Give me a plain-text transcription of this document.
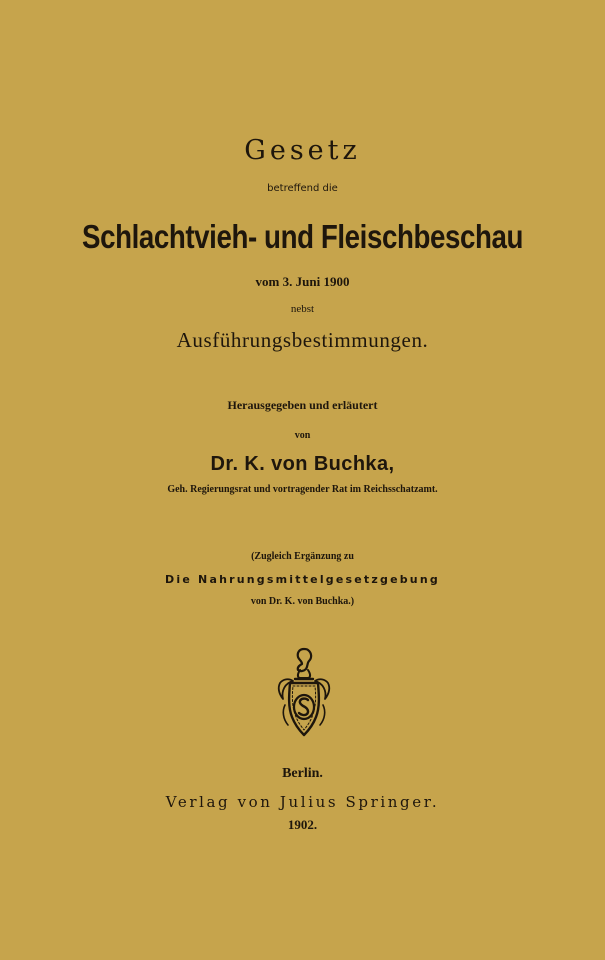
Gesetz
betreffend die
Schlachtvieh- und Fleischbeschau
vom 3. Juni 1900
nebst
Ausführungsbestimmungen.
Herausgegeben und erläutert
von
Dr. K. von Buchka,
Geh. Regierungsrat und vortragender Rat im Reichsschatzamt.
(Zugleich Ergänzung zu
Die Nahrungsmittelgesetzgebung
von Dr. K. von Buchka.)
Berlin.
Verlag von Julius Springer.
1902.
